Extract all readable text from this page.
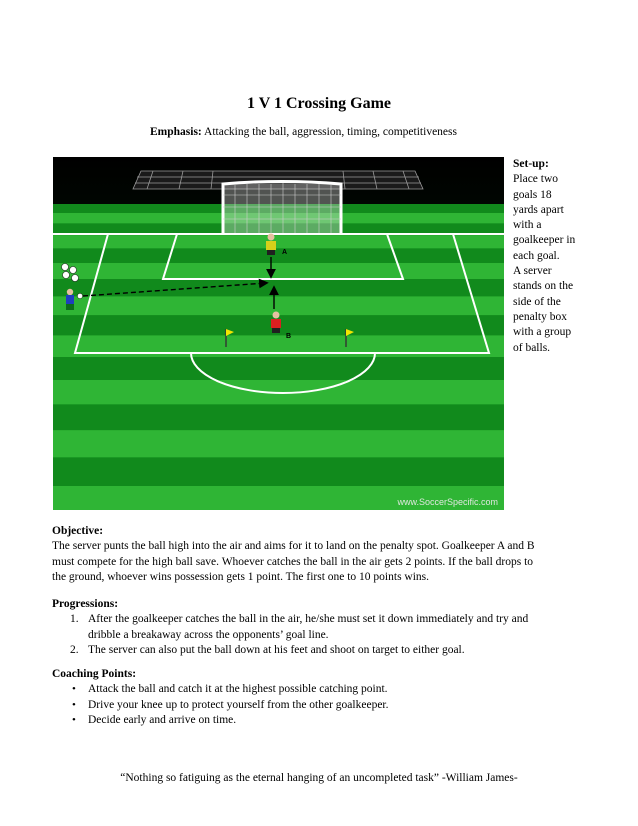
1 V 1 Crossing Game
Emphasis: Attacking the ball, aggression, timing, competitiveness
A
B
www.SoccerSpecific.com
Set-up:
Place two
goals 18
yards apart
with a
goalkeeper in
each goal.
A server
stands on the
side of the
penalty box
with a group
of balls.
Objective:
The server punts the ball high into the air and aims for it to land on the penalty spot. Goalkeeper A and B
must compete for the high ball save. Whoever catches the ball in the air gets 2 points. If the ball drops to
the ground, whoever wins possession gets 1 point. The first one to 10 points wins.
Progressions:
1. After the goalkeeper catches the ball in the air, he/she must set it down immediately and try and
dribble a breakaway across the opponents’ goal line.
2. The server can also put the ball down at his feet and shoot on target to either goal.
Coaching Points:
• Attack the ball and catch it at the highest possible catching point.
• Drive your knee up to protect yourself from the other goalkeeper.
• Decide early and arrive on time.
“Nothing so fatiguing as the eternal hanging of an uncompleted task” -William James-
